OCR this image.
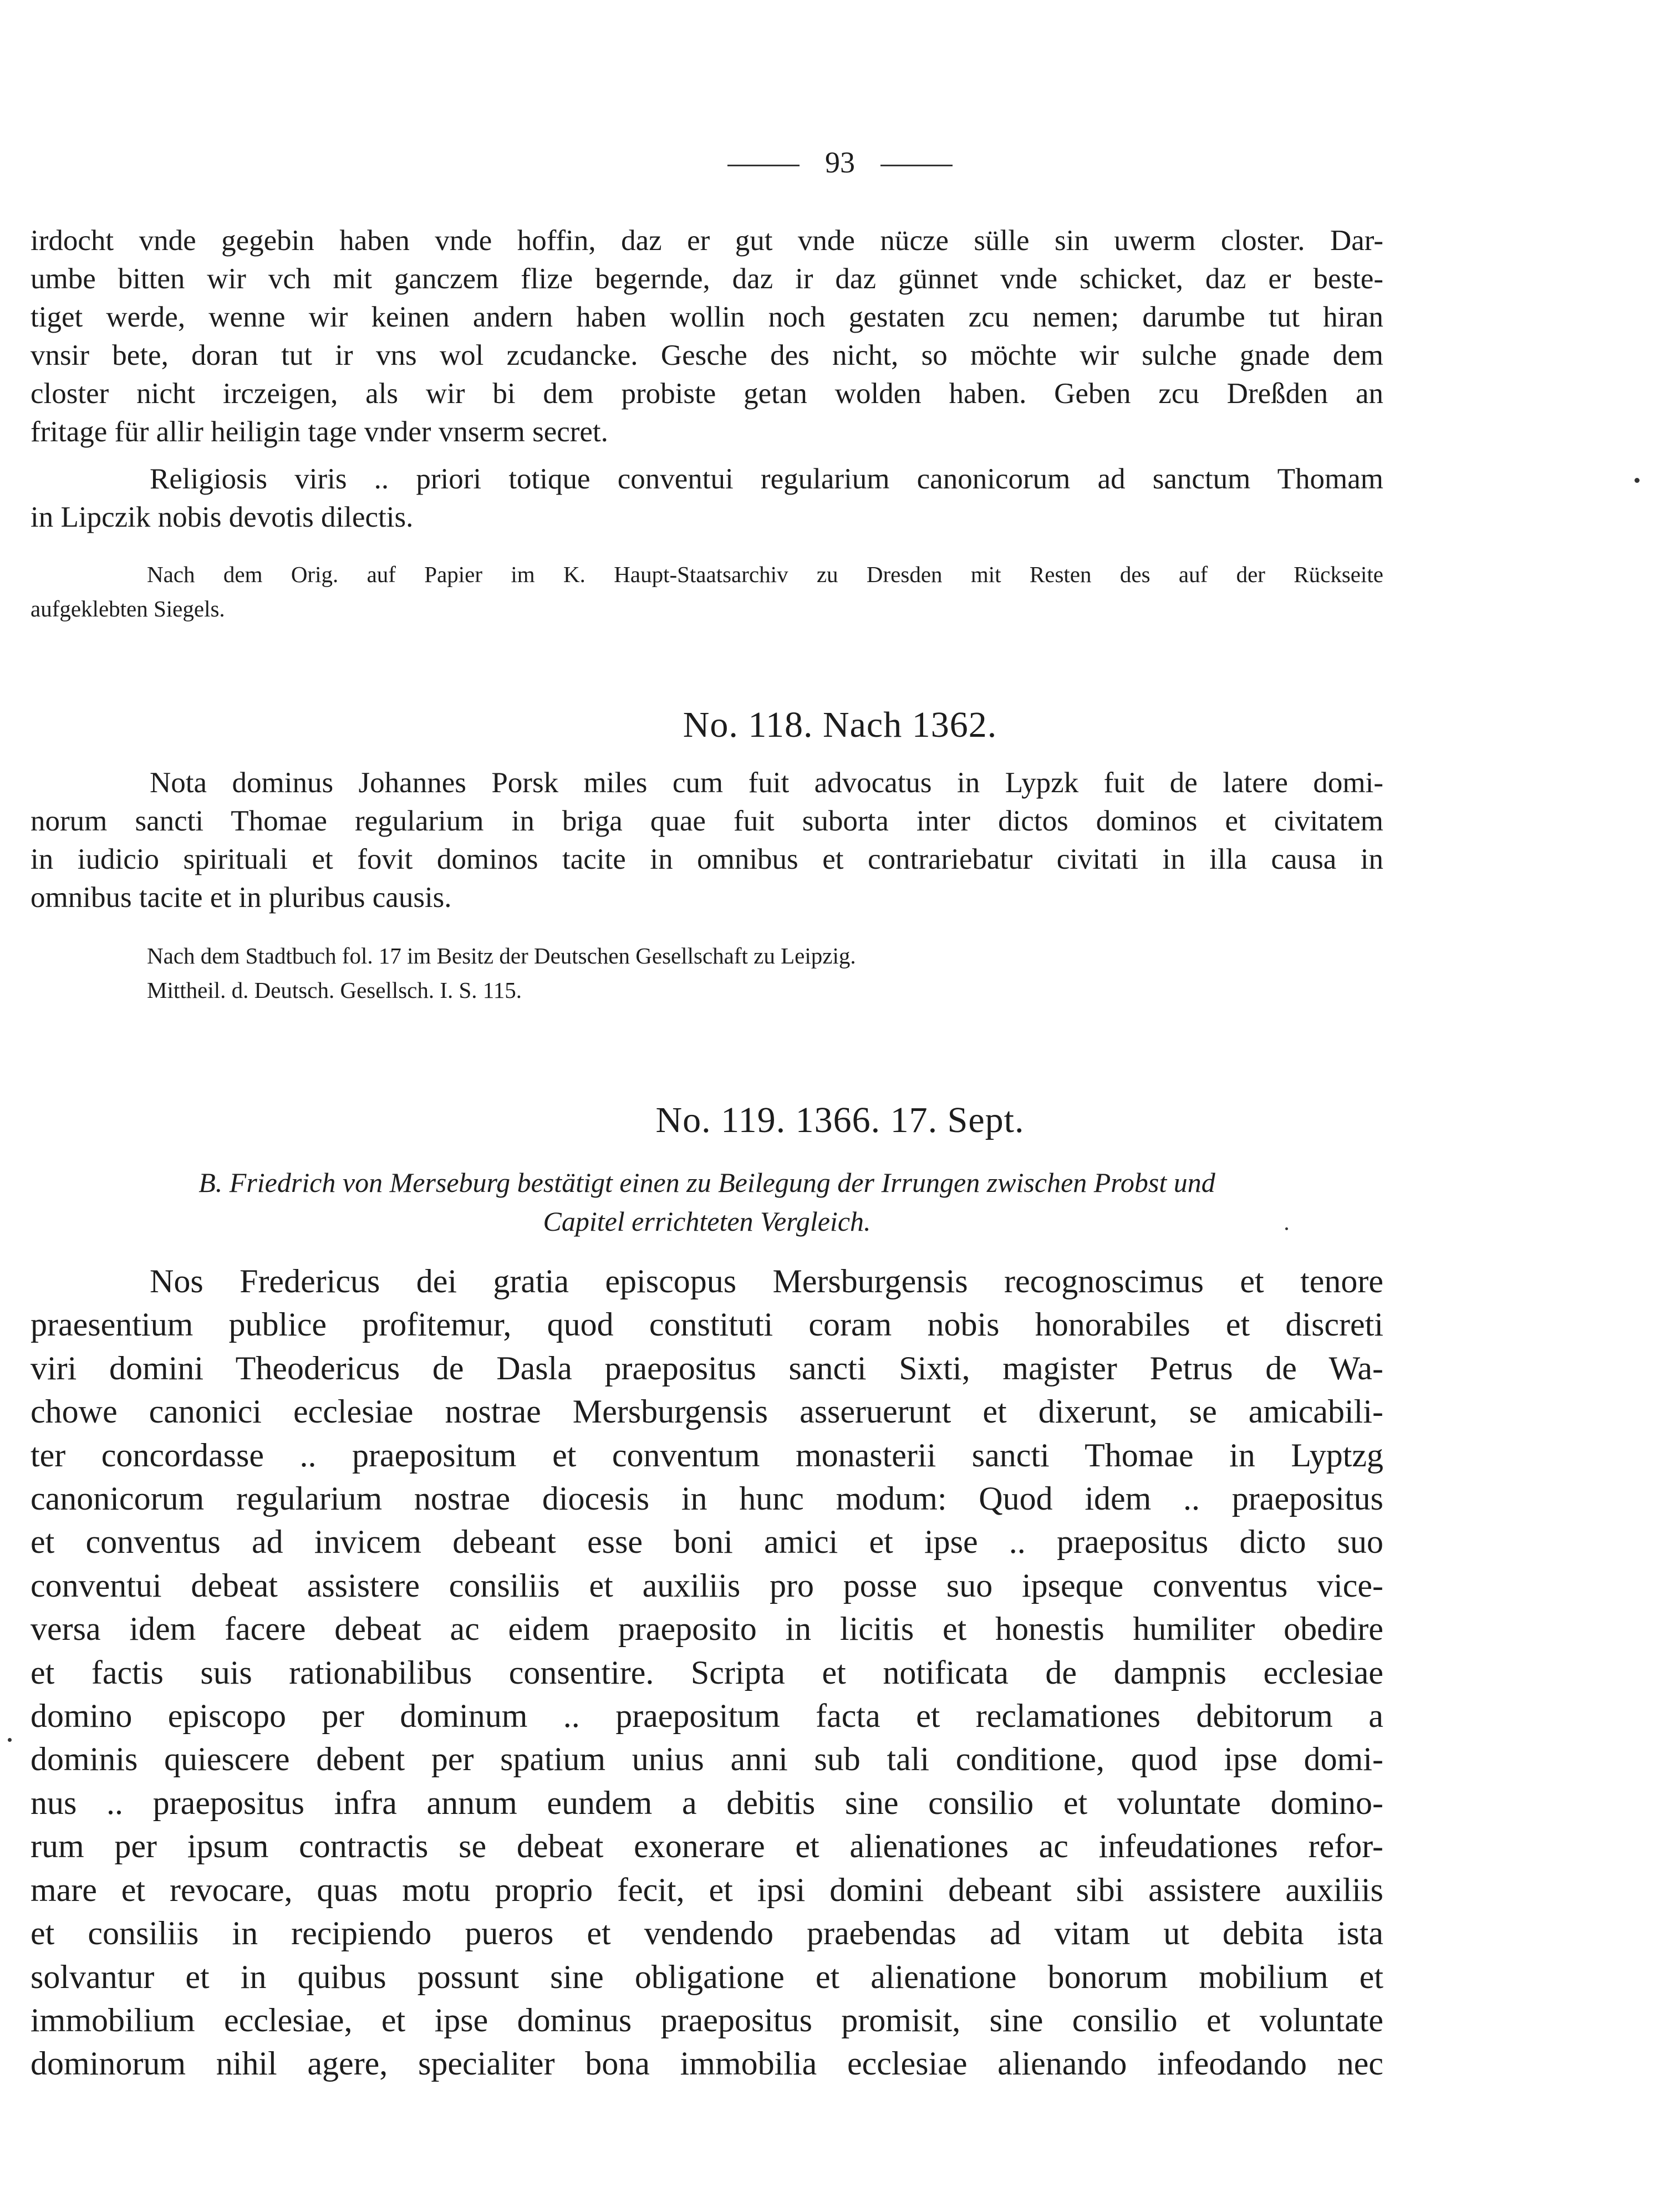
93
irdocht vnde gegebin haben vnde hoffin, daz er gut vnde nücze sülle sin uwerm closter. Dar-
umbe bitten wir vch mit ganczem flize begernde, daz ir daz günnet vnde schicket, daz er beste-
tiget werde, wenne wir keinen andern haben wollin noch gestaten zcu nemen; darumbe tut hiran
vnsir bete, doran tut ir vns wol zcudancke. Gesche des nicht, so möchte wir sulche gnade dem
closter nicht irczeigen, als wir bi dem probiste getan wolden haben. Geben zcu Dreßden an
fritage für allir heiligin tage vnder vnserm secret.
Religiosis viris .. priori totique conventui regularium canonicorum ad sanctum Thomam
in Lipczik nobis devotis dilectis.
Nach dem Orig. auf Papier im K. Haupt-Staatsarchiv zu Dresden mit Resten des auf der Rückseite
aufgeklebten Siegels.
No. 118. Nach 1362.
Nota dominus Johannes Porsk miles cum fuit advocatus in Lypzk fuit de latere domi-
norum sancti Thomae regularium in briga quae fuit suborta inter dictos dominos et civitatem
in iudicio spirituali et fovit dominos tacite in omnibus et contrariebatur civitati in illa causa in
omnibus tacite et in pluribus causis.
Nach dem Stadtbuch fol. 17 im Besitz der Deutschen Gesellschaft zu Leipzig.
Mittheil. d. Deutsch. Gesellsch. I. S. 115.
No. 119. 1366. 17. Sept.
B. Friedrich von Merseburg bestätigt einen zu Beilegung der Irrungen zwischen Probst und
Capitel errichteten Vergleich.
Nos Fredericus dei gratia episcopus Mersburgensis recognoscimus et tenore
praesentium publice profitemur, quod constituti coram nobis honorabiles et discreti
viri domini Theodericus de Dasla praepositus sancti Sixti, magister Petrus de Wa-
chowe canonici ecclesiae nostrae Mersburgensis asseruerunt et dixerunt, se amicabili-
ter concordasse .. praepositum et conventum monasterii sancti Thomae in Lyptzg
canonicorum regularium nostrae diocesis in hunc modum: Quod idem .. praepositus
et conventus ad invicem debeant esse boni amici et ipse .. praepositus dicto suo
conventui debeat assistere consiliis et auxiliis pro posse suo ipseque conventus vice-
versa idem facere debeat ac eidem praeposito in licitis et honestis humiliter obedire
et factis suis rationabilibus consentire. Scripta et notificata de dampnis ecclesiae
domino episcopo per dominum .. praepositum facta et reclamationes debitorum a
dominis quiescere debent per spatium unius anni sub tali conditione, quod ipse domi-
nus .. praepositus infra annum eundem a debitis sine consilio et voluntate domino-
rum per ipsum contractis se debeat exonerare et alienationes ac infeudationes refor-
mare et revocare, quas motu proprio fecit, et ipsi domini debeant sibi assistere auxiliis
et consiliis in recipiendo pueros et vendendo praebendas ad vitam ut debita ista
solvantur et in quibus possunt sine obligatione et alienatione bonorum mobilium et
immobilium ecclesiae, et ipse dominus praepositus promisit, sine consilio et voluntate
dominorum nihil agere, specialiter bona immobilia ecclesiae alienando infeodando nec
